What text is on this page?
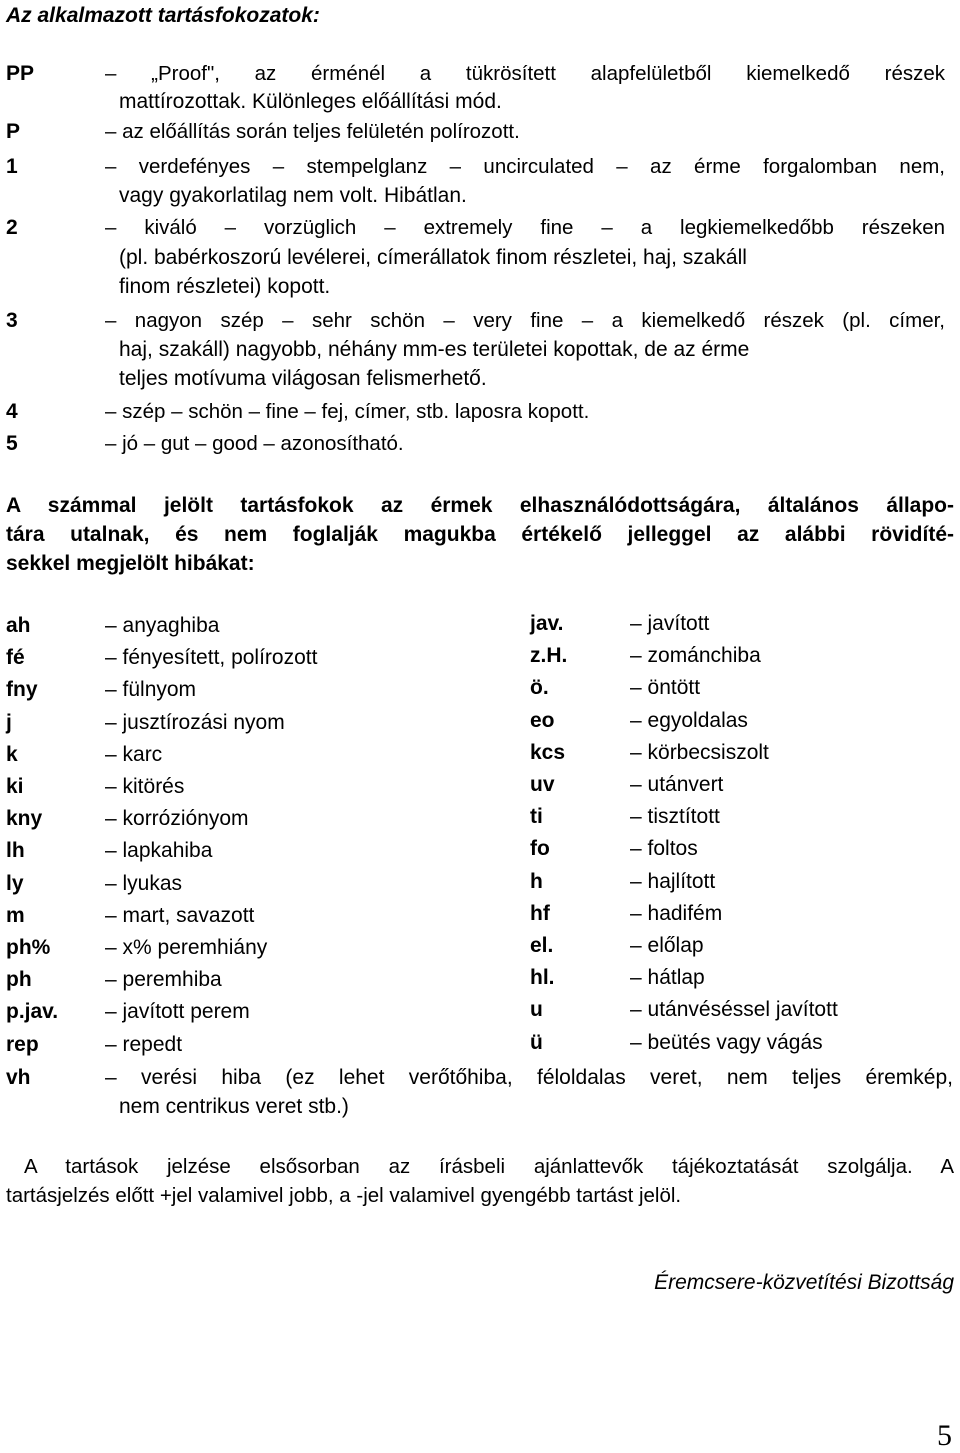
Az alkalmazott tartásfokozatok:
PP	– „Proof", az érménél a tükrösített alapfelületből kiemelkedő részek
mattírozottak. Különleges előállítási mód.
P	– az előállítás során teljes felületén polírozott.
1	– verdefényes – stempelglanz – uncirculated – az érme forgalomban nem,
vagy gyakorlatilag nem volt. Hibátlan.
2	– kiváló – vorzüglich – extremely fine – a legkiemelkedőbb részeken
(pl. babérkoszorú levélerei, címerállatok finom részletei, haj, szakáll
finom részletei) kopott.
3	– nagyon szép – sehr schön – very fine – a kiemelkedő részek (pl. címer,
haj, szakáll) nagyobb, néhány mm-es területei kopottak, de az érme
teljes motívuma világosan felismerhető.
4	– szép – schön – fine – fej, címer, stb. laposra kopott.
5	– jó – gut – good – azonosítható.
A számmal jelölt tartásfokok az érmek elhasználódottságára, általános állapo-
tára utalnak, és nem foglalják magukba értékelő jelleggel az alábbi rövidíté-
sekkel megjelölt hibákat:
ah	– anyaghiba
fé	– fényesített, polírozott
fny	– fülnyom
j	– jusztírozási nyom
k	– karc
ki	– kitörés
kny	– korróziónyom
lh	– lapkahiba
ly	– lyukas
m	– mart, savazott
ph%	– x% peremhiány
ph	– peremhiba
p.jav. – javított perem
rep	– repedt
jav.	– javított
z.H.	– zománchiba
ö.	– öntött
eo	– egyoldalas
kcs	– körbecsiszolt
uv	– utánvert
ti	– tisztított
fo	– foltos
h	– hajlított
hf	– hadifém
el.	– előlap
hl.	– hátlap
u	– utánvéséssel javított
ü	– beütés vagy vágás
vh	– verési hiba (ez lehet verőtőhiba, féloldalas veret, nem teljes éremkép,
nem centrikus veret stb.)
A tartások jelzése elsősorban az írásbeli ajánlattevők tájékoztatását szolgálja. A
tartásjelzés előtt +jel valamivel jobb, a -jel valamivel gyengébb tartást jelöl.
Éremcsere-közvetítési Bizottság
5
